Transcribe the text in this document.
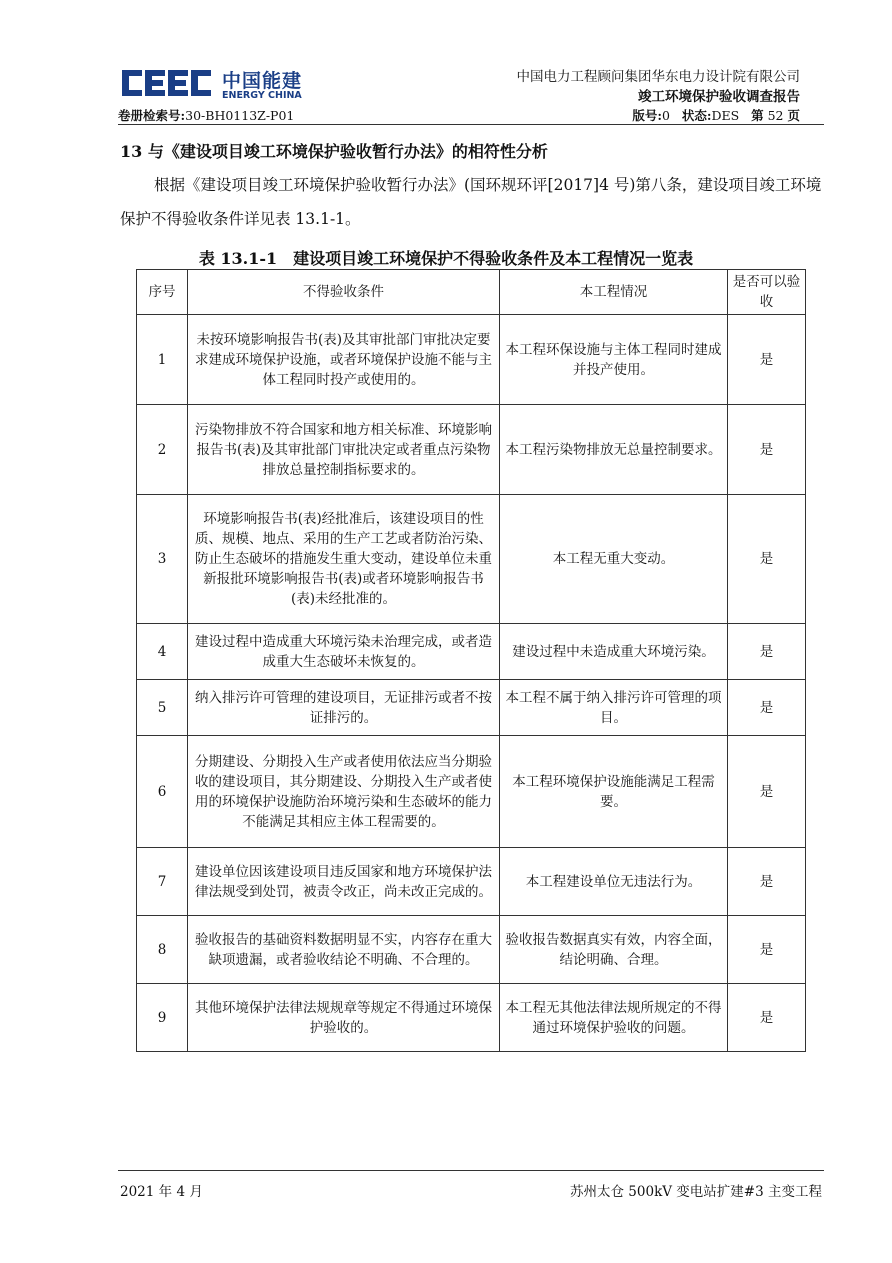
中国能建
ENERGY CHINA
中国电力工程顾问集团华东电力设计院有限公司
竣工环境保护验收调查报告
卷册检索号:30-BH0113Z-P01	版号:0 状态:DES 第 52 页
13 与《建设项目竣工环境保护验收暂行办法》的相符性分析
根据《建设项目竣工环境保护验收暂行办法》(国环规环评[2017]4 号)第八条，建设项目竣工环境保护不得验收条件详见表 13.1-1。
表 13.1-1　建设项目竣工环境保护不得验收条件及本工程情况一览表
序号	不得验收条件	本工程情况	是否可以验收
1	未按环境影响报告书(表)及其审批部门审批决定要求建成环境保护设施，或者环境保护设施不能与主体工程同时投产或使用的。	本工程环保设施与主体工程同时建成并投产使用。	是
2	污染物排放不符合国家和地方相关标准、环境影响报告书(表)及其审批部门审批决定或者重点污染物排放总量控制指标要求的。	本工程污染物排放无总量控制要求。	是
3	环境影响报告书(表)经批准后，该建设项目的性质、规模、地点、采用的生产工艺或者防治污染、防止生态破坏的措施发生重大变动，建设单位未重新报批环境影响报告书(表)或者环境影响报告书(表)未经批准的。	本工程无重大变动。	是
4	建设过程中造成重大环境污染未治理完成，或者造成重大生态破坏未恢复的。	建设过程中未造成重大环境污染。	是
5	纳入排污许可管理的建设项目，无证排污或者不按证排污的。	本工程不属于纳入排污许可管理的项目。	是
6	分期建设、分期投入生产或者使用依法应当分期验收的建设项目，其分期建设、分期投入生产或者使用的环境保护设施防治环境污染和生态破坏的能力不能满足其相应主体工程需要的。	本工程环境保护设施能满足工程需要。	是
7	建设单位因该建设项目违反国家和地方环境保护法律法规受到处罚，被责令改正，尚未改正完成的。	本工程建设单位无违法行为。	是
8	验收报告的基础资料数据明显不实，内容存在重大缺项遗漏，或者验收结论不明确、不合理的。	验收报告数据真实有效，内容全面，结论明确、合理。	是
9	其他环境保护法律法规规章等规定不得通过环境保护验收的。	本工程无其他法律法规所规定的不得通过环境保护验收的问题。	是
2021 年 4 月	苏州太仓 500kV 变电站扩建#3 主变工程
